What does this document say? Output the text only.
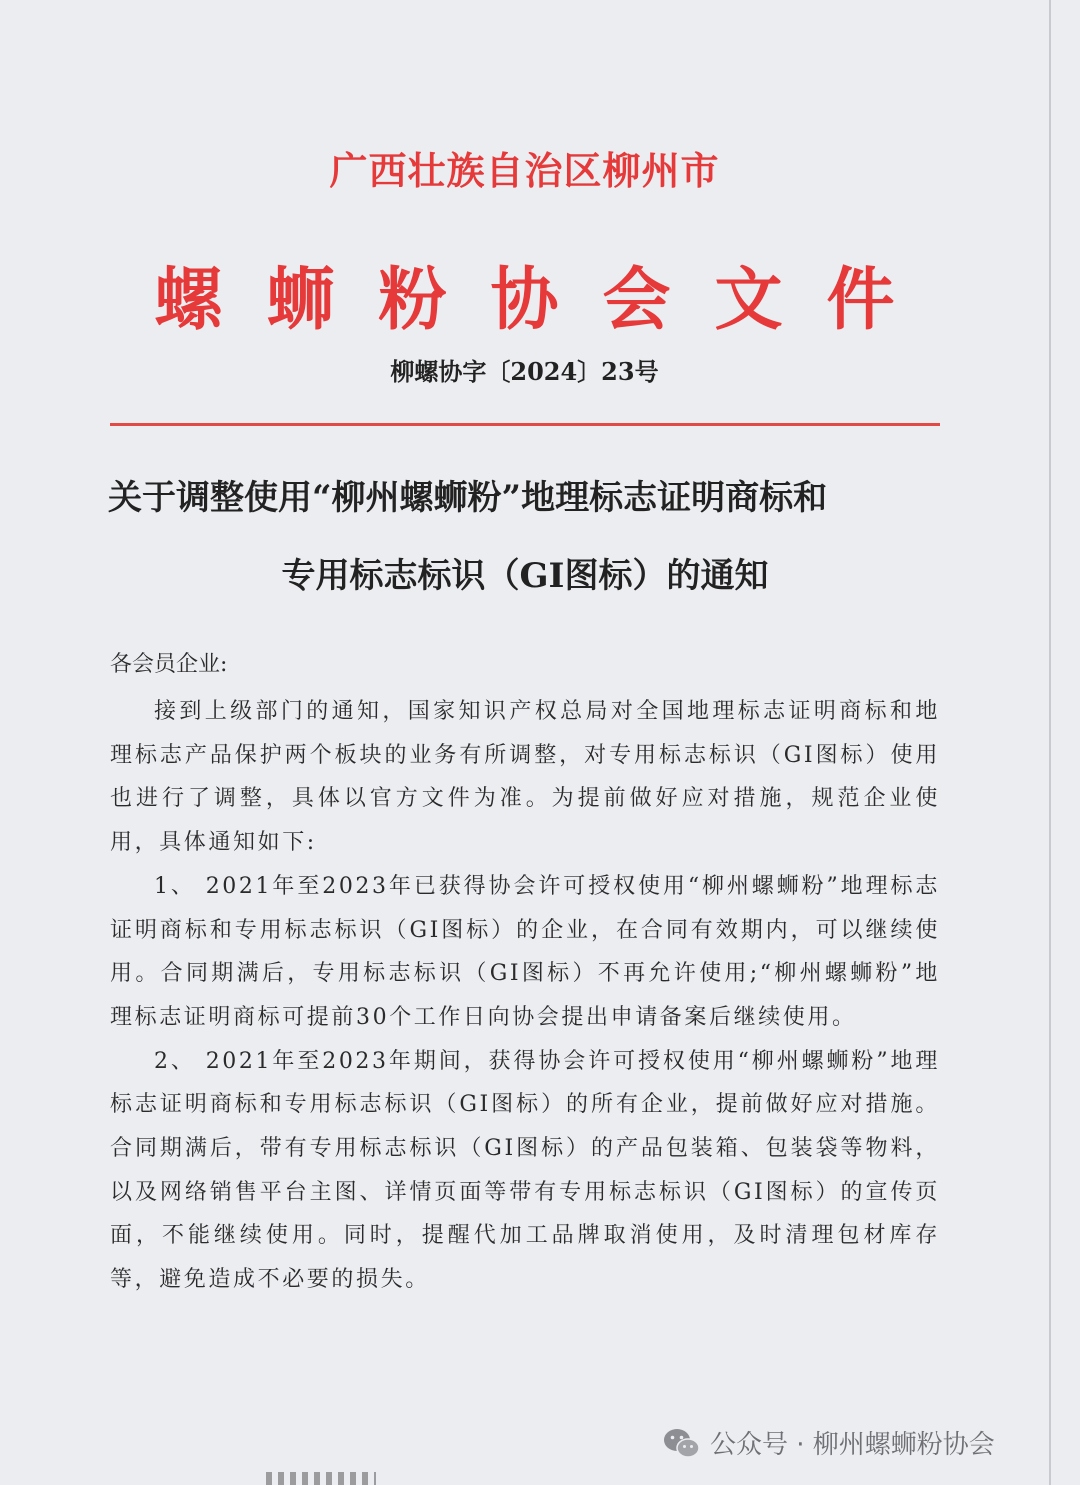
广西壮族自治区柳州市
螺蛳粉协会文件
柳螺协字〔2024〕23号
关于调整使用“柳州螺蛳粉”地理标志证明商标和
专用标志标识（GI图标）的通知
各会员企业:

接到上级部门的通知，国家知识产权总局对全国地理标志证明商标和地理标志产品保护两个板块的业务有所调整，对专用标志标识（GI图标）使用也进行了调整，具体以官方文件为准。为提前做好应对措施，规范企业使用，具体通知如下:

1、 2021年至2023年已获得协会许可授权使用“柳州螺蛳粉”地理标志证明商标和专用标志标识（GI图标）的企业，在合同有效期内，可以继续使用。合同期满后，专用标志标识（GI图标）不再允许使用;“柳州螺蛳粉”地理标志证明商标可提前30个工作日向协会提出申请备案后继续使用。

2、 2021年至2023年期间，获得协会许可授权使用“柳州螺蛳粉”地理标志证明商标和专用标志标识（GI图标）的所有企业，提前做好应对措施。合同期满后，带有专用标志标识（GI图标）的产品包装箱、包装袋等物料，以及网络销售平台主图、详情页面等带有专用标志标识（GI图标）的宣传页面，不能继续使用。同时，提醒代加工品牌取消使用，及时清理包材库存等，避免造成不必要的损失。

公众号 · 柳州螺蛳粉协会
